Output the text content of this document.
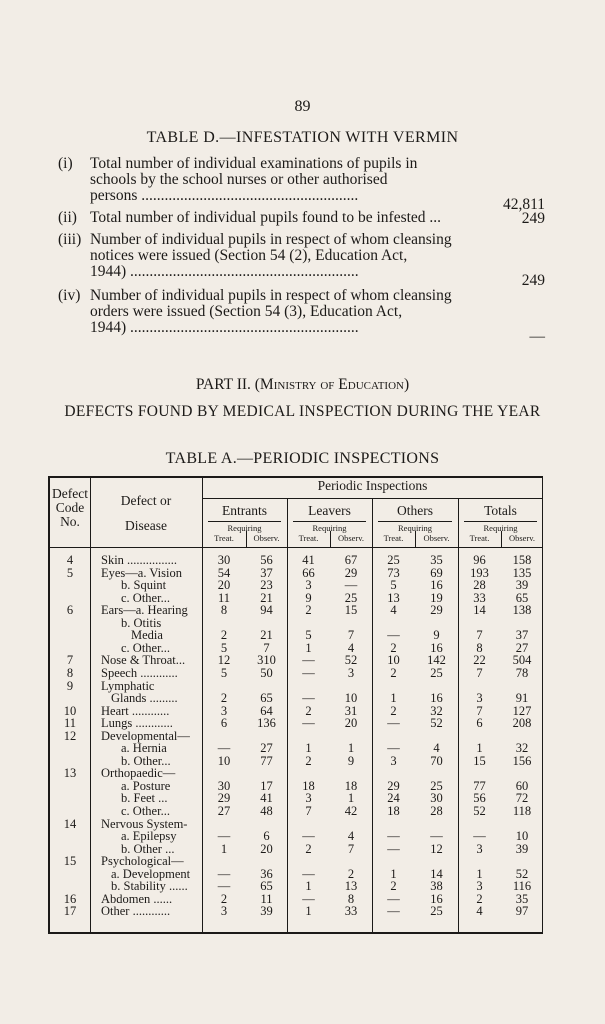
89
TABLE D.—INFESTATION WITH VERMIN
PART II. (Ministry of Education)
DEFECTS FOUND BY MEDICAL INSPECTION DURING THE YEAR
TABLE A.—PERIODIC INSPECTIONS
Defect
Code
No.
Defect or
Disease
Periodic Inspections
Entrants
Requiring
Treat.	Observ.
Leavers
Requiring
Treat.	Observ.
Others
Requiring
Treat.	Observ.
Totals
Requiring
Treat.	Observ.
4	Skin ................	30	56	41	67	25	35	96	158
5	Eyes—a. Vision	54	37	66	29	73	69	193	135
b. Squint	20	23	3	—	5	16	28	39
c. Other...	11	21	9	25	13	19	33	65
6	Ears—a. Hearing	8	94	2	15	4	29	14	138
b. Otitis
Media	2	21	5	7	—	9	7	37
c. Other...	5	7	1	4	2	16	8	27
7	Nose & Throat...	12	310	—	52	10	142	22	504
8	Speech ............	5	50	—	3	2	25	7	78
9	Lymphatic
Glands .........	2	65	—	10	1	16	3	91
10	Heart ............	3	64	2	31	2	32	7	127
11	Lungs ............	6	136	—	20	—	52	6	208
12	Developmental—
a. Hernia	—	27	1	1	—	4	1	32
b. Other...	10	77	2	9	3	70	15	156
13	Orthopaedic—
a. Posture	30	17	18	18	29	25	77	60
b. Feet ...	29	41	3	1	24	30	56	72
c. Other...	27	48	7	42	18	28	52	118
14	Nervous System-
a. Epilepsy	—	6	—	4	—	—	—	10
b. Other ...	1	20	2	7	—	12	3	39
15	Psychological—
a. Development	—	36	—	2	1	14	1	52
b. Stability ......	—	65	1	13	2	38	3	116
16	Abdomen ......	2	11	—	8	—	16	2	35
17	Other ............	3	39	1	33	—	25	4	97
(i) Total number of individual examinations of pupils in
schools by the school nurses or other authorised
persons ........................................................
42,811
(ii) Total number of individual pupils found to be infested ...	249
(iii) Number of individual pupils in respect of whom cleansing
notices were issued (Section 54 (2), Education Act,
1944) ...........................................................
249
(iv) Number of individual pupils in respect of whom cleansing
orders were issued (Section 54 (3), Education Act,
1944) ...........................................................
—
